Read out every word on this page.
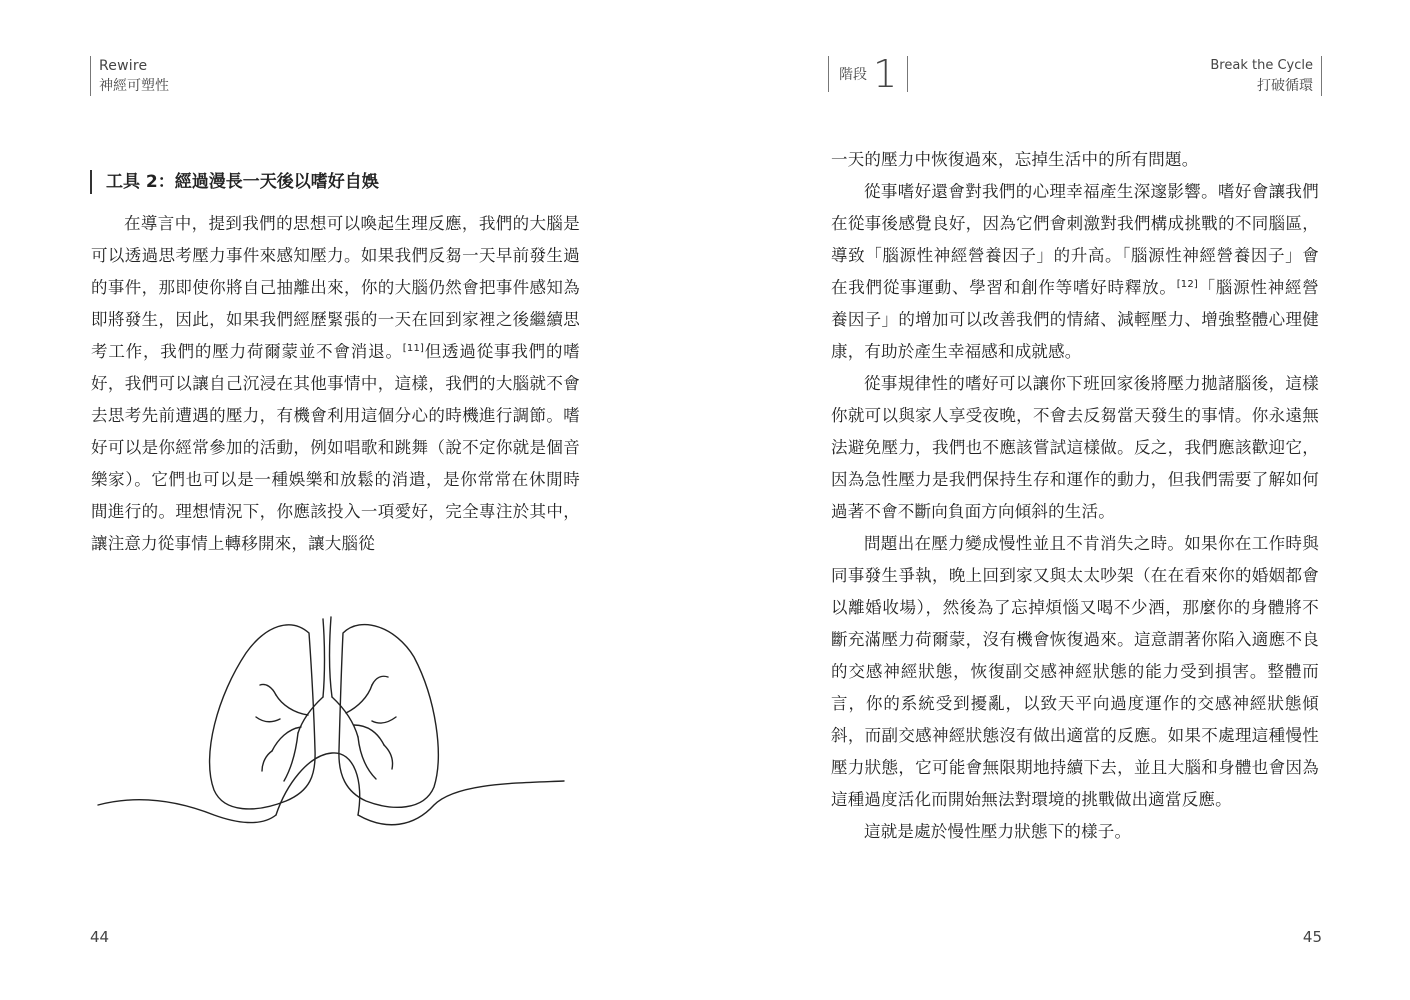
Rewire
神經可塑性
工具 2：經過漫長一天後以嗜好自娛

在導言中，提到我們的思想可以喚起生理反應，我們的大腦是可以透過思考壓力事件來感知壓力。如果我們反芻一天早前發生過的事件，那即使你將自己抽離出來，你的大腦仍然會把事件感知為即將發生，因此，如果我們經歷緊張的一天在回到家裡之後繼續思考工作，我們的壓力荷爾蒙並不會消退。[11]但透過從事我們的嗜好，我們可以讓自己沉浸在其他事情中，這樣，我們的大腦就不會去思考先前遭遇的壓力，有機會利用這個分心的時機進行調節。嗜好可以是你經常參加的活動，例如唱歌和跳舞（說不定你就是個音樂家）。它們也可以是一種娛樂和放鬆的消遣，是你常常在休閒時間進行的。理想情況下，你應該投入一項愛好，完全專注於其中，讓注意力從事情上轉移開來，讓大腦從

44
階段 1	Break the Cycle
打破循環

一天的壓力中恢復過來，忘掉生活中的所有問題。

從事嗜好還會對我們的心理幸福產生深邃影響。嗜好會讓我們在從事後感覺良好，因為它們會刺激對我們構成挑戰的不同腦區，導致「腦源性神經營養因子」的升高。「腦源性神經營養因子」會在我們從事運動、學習和創作等嗜好時釋放。[12]「腦源性神經營養因子」的增加可以改善我們的情緒、減輕壓力、增強整體心理健康，有助於產生幸福感和成就感。

從事規律性的嗜好可以讓你下班回家後將壓力拋諸腦後，這樣你就可以與家人享受夜晚，不會去反芻當天發生的事情。你永遠無法避免壓力，我們也不應該嘗試這樣做。反之，我們應該歡迎它，因為急性壓力是我們保持生存和運作的動力，但我們需要了解如何過著不會不斷向負面方向傾斜的生活。

問題出在壓力變成慢性並且不肯消失之時。如果你在工作時與同事發生爭執，晚上回到家又與太太吵架（在在看來你的婚姻都會以離婚收場），然後為了忘掉煩惱又喝不少酒，那麼你的身體將不斷充滿壓力荷爾蒙，沒有機會恢復過來。這意謂著你陷入適應不良的交感神經狀態，恢復副交感神經狀態的能力受到損害。整體而言，你的系統受到擾亂，以致天平向過度運作的交感神經狀態傾斜，而副交感神經狀態沒有做出適當的反應。如果不處理這種慢性壓力狀態，它可能會無限期地持續下去，並且大腦和身體也會因為這種過度活化而開始無法對環境的挑戰做出適當反應。

這就是處於慢性壓力狀態下的樣子。

45
